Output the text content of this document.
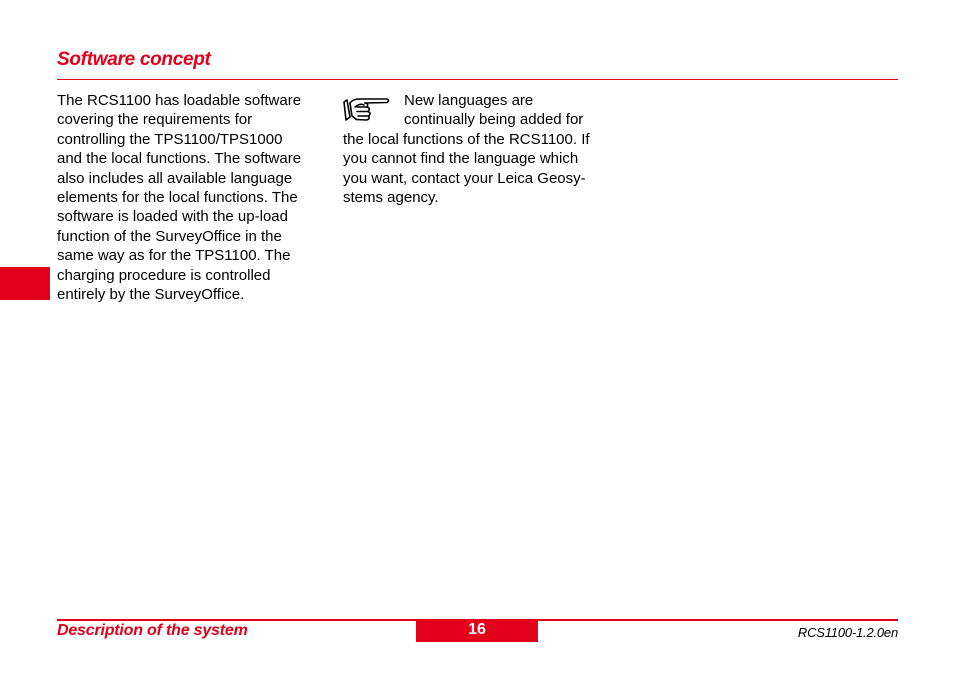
Software concept
The RCS1100 has loadable software
covering the requirements for
controlling the TPS1100/TPS1000
and the local functions. The software
also includes all available language
elements for the local functions. The
software is loaded with the up-load
function of the SurveyOffice in the
same way as for the TPS1100. The
charging procedure is controlled
entirely by the SurveyOffice.
New languages are
continually being added for
the local functions of the RCS1100. If
you cannot find the language which
you want, contact your Leica Geosy-
stems agency.
Description of the system	16	RCS1100-1.2.0en
